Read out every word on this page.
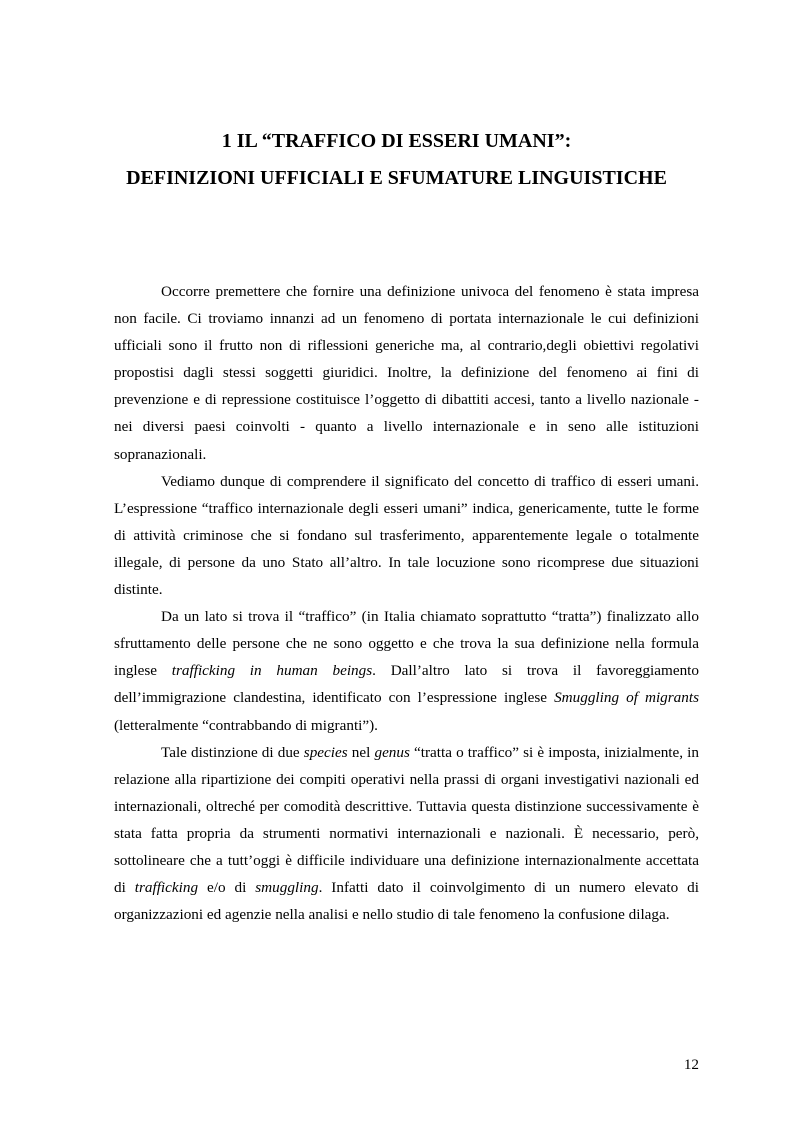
1 IL “TRAFFICO DI ESSERI UMANI”:
DEFINIZIONI UFFICIALI E SFUMATURE LINGUISTICHE

Occorre premettere che fornire una definizione univoca del fenomeno è stata impresa non facile. Ci troviamo innanzi ad un fenomeno di portata internazionale le cui definizioni ufficiali sono il frutto non di riflessioni generiche ma, al contrario,degli obiettivi regolativi propostisi dagli stessi soggetti giuridici. Inoltre, la definizione del fenomeno ai fini di prevenzione e di repressione costituisce l’oggetto di dibattiti accesi, tanto a livello nazionale - nei diversi paesi coinvolti - quanto a livello internazionale e in seno alle istituzioni sopranazionali.

Vediamo dunque di comprendere il significato del concetto di traffico di esseri umani. L’espressione “traffico internazionale degli esseri umani” indica, genericamente, tutte le forme di attività criminose che si fondano sul trasferimento, apparentemente legale o totalmente illegale, di persone da uno Stato all’altro. In tale locuzione sono ricomprese due situazioni distinte.

Da un lato si trova il “traffico” (in Italia chiamato soprattutto “tratta”) finalizzato allo sfruttamento delle persone che ne sono oggetto e che trova la sua definizione nella formula inglese trafficking in human beings. Dall’altro lato si trova il favoreggiamento dell’immigrazione clandestina, identificato con l’espressione inglese Smuggling of migrants (letteralmente “contrabbando di migranti”).

Tale distinzione di due species nel genus “tratta o traffico” si è imposta, inizialmente, in relazione alla ripartizione dei compiti operativi nella prassi di organi investigativi nazionali ed internazionali, oltreché per comodità descrittive. Tuttavia questa distinzione successivamente è stata fatta propria da strumenti normativi internazionali e nazionali. È necessario, però, sottolineare che a tutt’oggi è difficile individuare una definizione internazionalmente accettata di trafficking e/o di smuggling. Infatti dato il coinvolgimento di un numero elevato di organizzazioni ed agenzie nella analisi e nello studio di tale fenomeno la confusione dilaga.

12
